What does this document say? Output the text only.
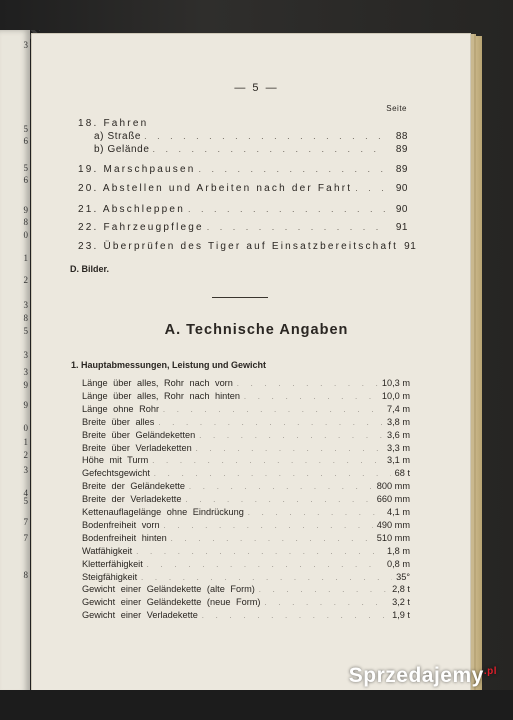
3
5
6
5
6
9
8
0
1
2
3
8
5
3
3
9
9
0
1
2
3
4
5
7
7
8
— 5 —
Seite
18. Fahren
a) Straße . . .	88
b) Gelände . . .	89
19. Marschpausen . . .	89
20. Abstellen und Arbeiten nach der Fahrt . . .	90
21. Abschleppen . . .	90
22. Fahrzeugpflege . . .	91
23. Überprüfen des Tiger auf Einsatzbereitschaft 91
D. Bilder.
A. Technische Angaben
1. Hauptabmessungen, Leistung und Gewicht
Länge über alles, Rohr nach vorn . . .	10,3 m
Länge über alles, Rohr nach hinten . . .	10,0 m
Länge ohne Rohr . . .	7,4 m
Breite über alles . . .	3,8 m
Breite über Geländeketten . . .	3,6 m
Breite über Verladeketten . . .	3,3 m
Höhe mit Turm . . .	3,1 m
Gefechtsgewicht . . .	68 t
Breite der Geländekette . . .	800 mm
Breite der Verladekette . . .	660 mm
Kettenauflagelänge ohne Eindrückung . . .	4,1 m
Bodenfreiheit vorn . . .	490 mm
Bodenfreiheit hinten . . .	510 mm
Watfähigkeit . . .	1,8 m
Kletterfähigkeit . . .	0,8 m
Steigfähigkeit . . .	35°
Gewicht einer Geländekette (alte Form) . . .	2,8 t
Gewicht einer Geländekette (neue Form) . . .	3,2 t
Gewicht einer Verladekette . . .	1,9 t
Sprzedajemy$^{.pl}$
